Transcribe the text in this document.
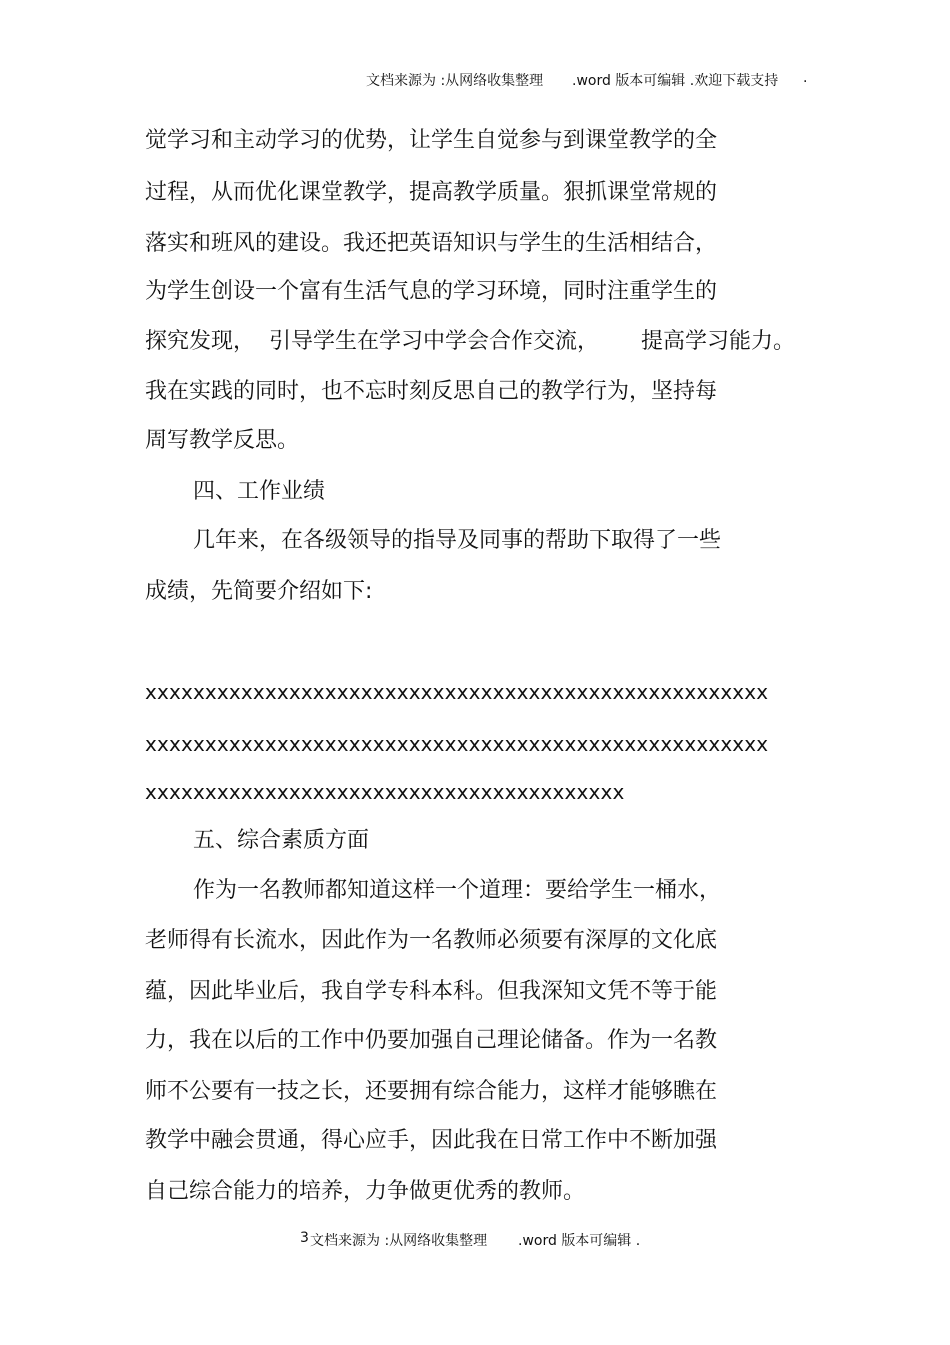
文档来源为 :从网络收集整理

.word 版本可编辑 .欢迎下载支持

.

觉学习和主动学习的优势，让学生自觉参与到课堂教学的全
过程，从而优化课堂教学，提高教学质量。狠抓课堂常规的
落实和班风的建设。我还把英语知识与学生的生活相结合，
为学生创设一个富有生活气息的学习环境，同时注重学生的
探究发现，  引导学生在学习中学会合作交流，      提高学习能力。
我在实践的同时，也不忘时刻反思自己的教学行为，坚持每
周写教学反思。
四、工作业绩
几年来，在各级领导的指导及同事的帮助下取得了一些
成绩，先简要介绍如下:
xxxxxxxxxxxxxxxxxxxxxxxxxxxxxxxxxxxxxxxxxxxxxxxxxxxx
xxxxxxxxxxxxxxxxxxxxxxxxxxxxxxxxxxxxxxxxxxxxxxxxxxxx
xxxxxxxxxxxxxxxxxxxxxxxxxxxxxxxxxxxxxxxx
五、综合素质方面
作为一名教师都知道这样一个道理：要给学生一桶水，
老师得有长流水，因此作为一名教师必须要有深厚的文化底
蕴，因此毕业后，我自学专科本科。但我深知文凭不等于能
力，我在以后的工作中仍要加强自己理论储备。作为一名教
师不公要有一技之长，还要拥有综合能力，这样才能够瞧在
教学中融会贯通，得心应手，因此我在日常工作中不断加强
自己综合能力的培养，力争做更优秀的教师。

3

文档来源为 :从网络收集整理

.word 版本可编辑 .
